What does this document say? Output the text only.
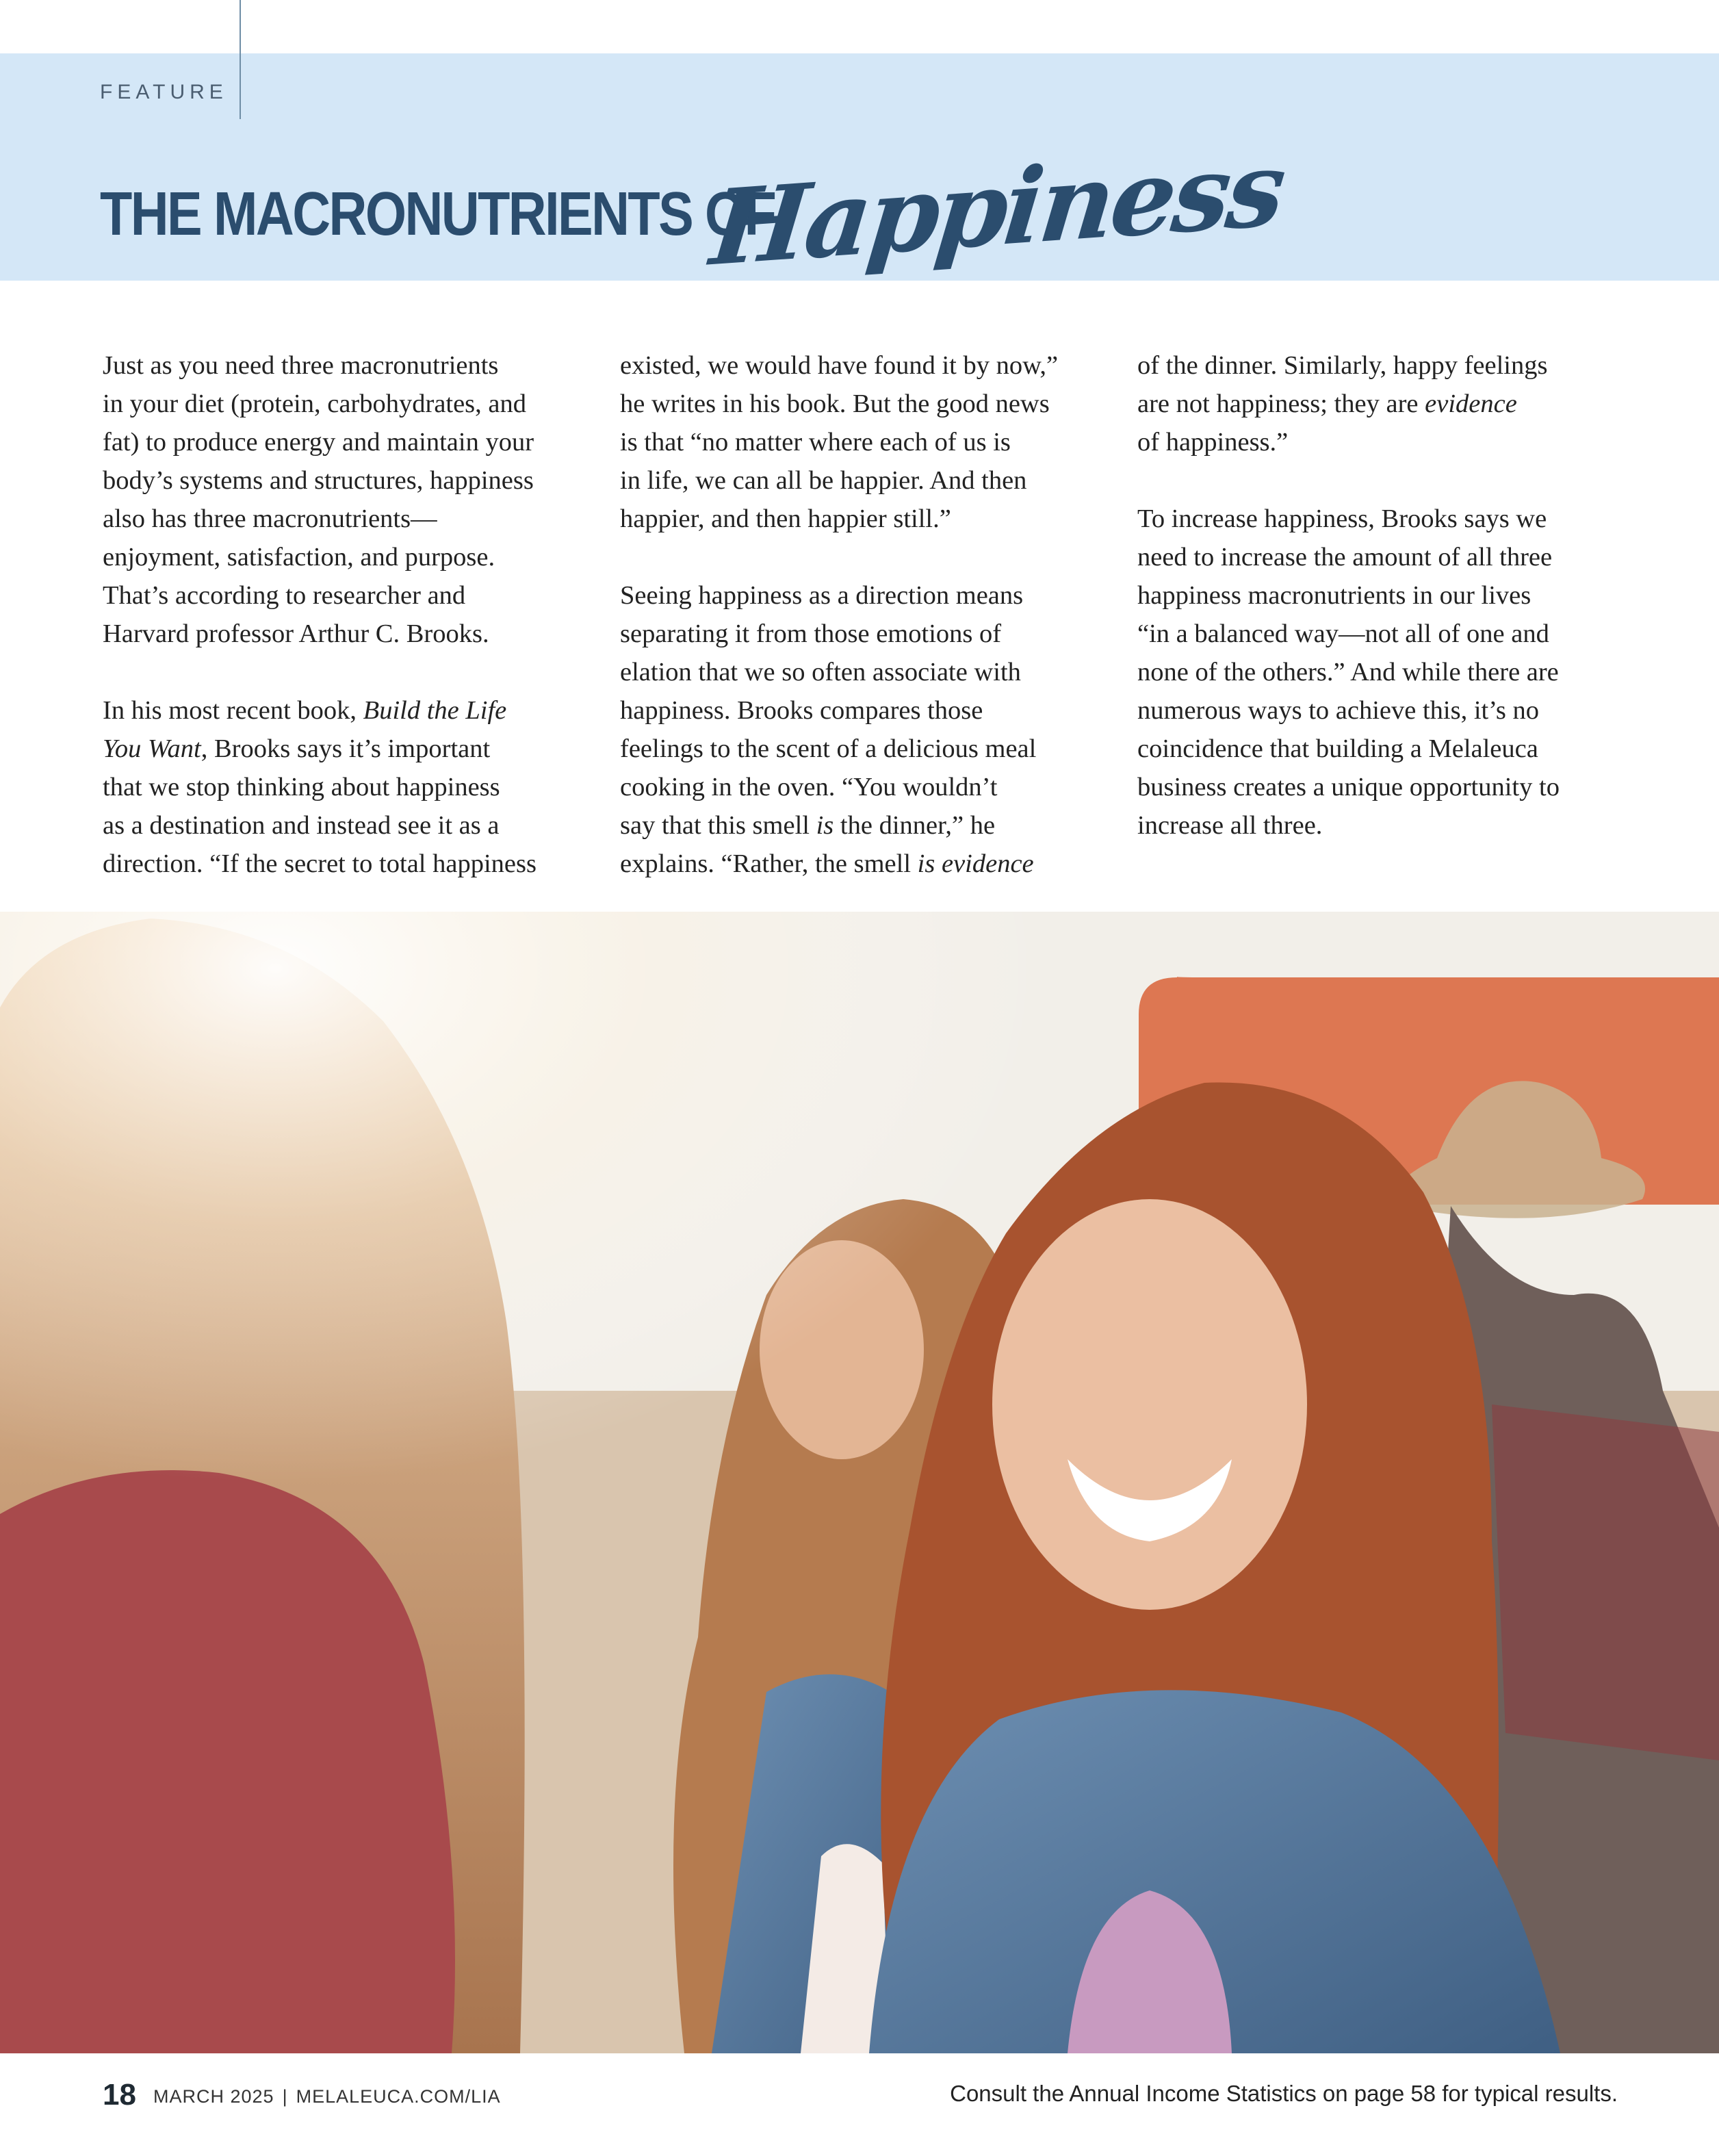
FEATURE
THE MACRONUTRIENTS OF
Happiness

Just as you need three macronutrients
in your diet (protein, carbohydrates, and
fat) to produce energy and maintain your
body’s systems and structures, happiness
also has three macronutrients—
enjoyment, satisfaction, and purpose.
That’s according to researcher and
Harvard professor Arthur C. Brooks.

In his most recent book, Build the Life
You Want, Brooks says it’s important
that we stop thinking about happiness
as a destination and instead see it as a
direction. “If the secret to total happiness

existed, we would have found it by now,”
he writes in his book. But the good news
is that “no matter where each of us is
in life, we can all be happier. And then
happier, and then happier still.”

Seeing happiness as a direction means
separating it from those emotions of
elation that we so often associate with
happiness. Brooks compares those
feelings to the scent of a delicious meal
cooking in the oven. “You wouldn’t
say that this smell is the dinner,” he
explains. “Rather, the smell is evidence

of the dinner. Similarly, happy feelings
are not happiness; they are evidence
of happiness.”

To increase happiness, Brooks says we
need to increase the amount of all three
happiness macronutrients in our lives
“in a balanced way—not all of one and
none of the others.” And while there are
numerous ways to achieve this, it’s no
coincidence that building a Melaleuca
business creates a unique opportunity to
increase all three.

18 MARCH 2025 | MELALEUCA.COM/LIA	Consult the Annual Income Statistics on page 58 for typical results.
